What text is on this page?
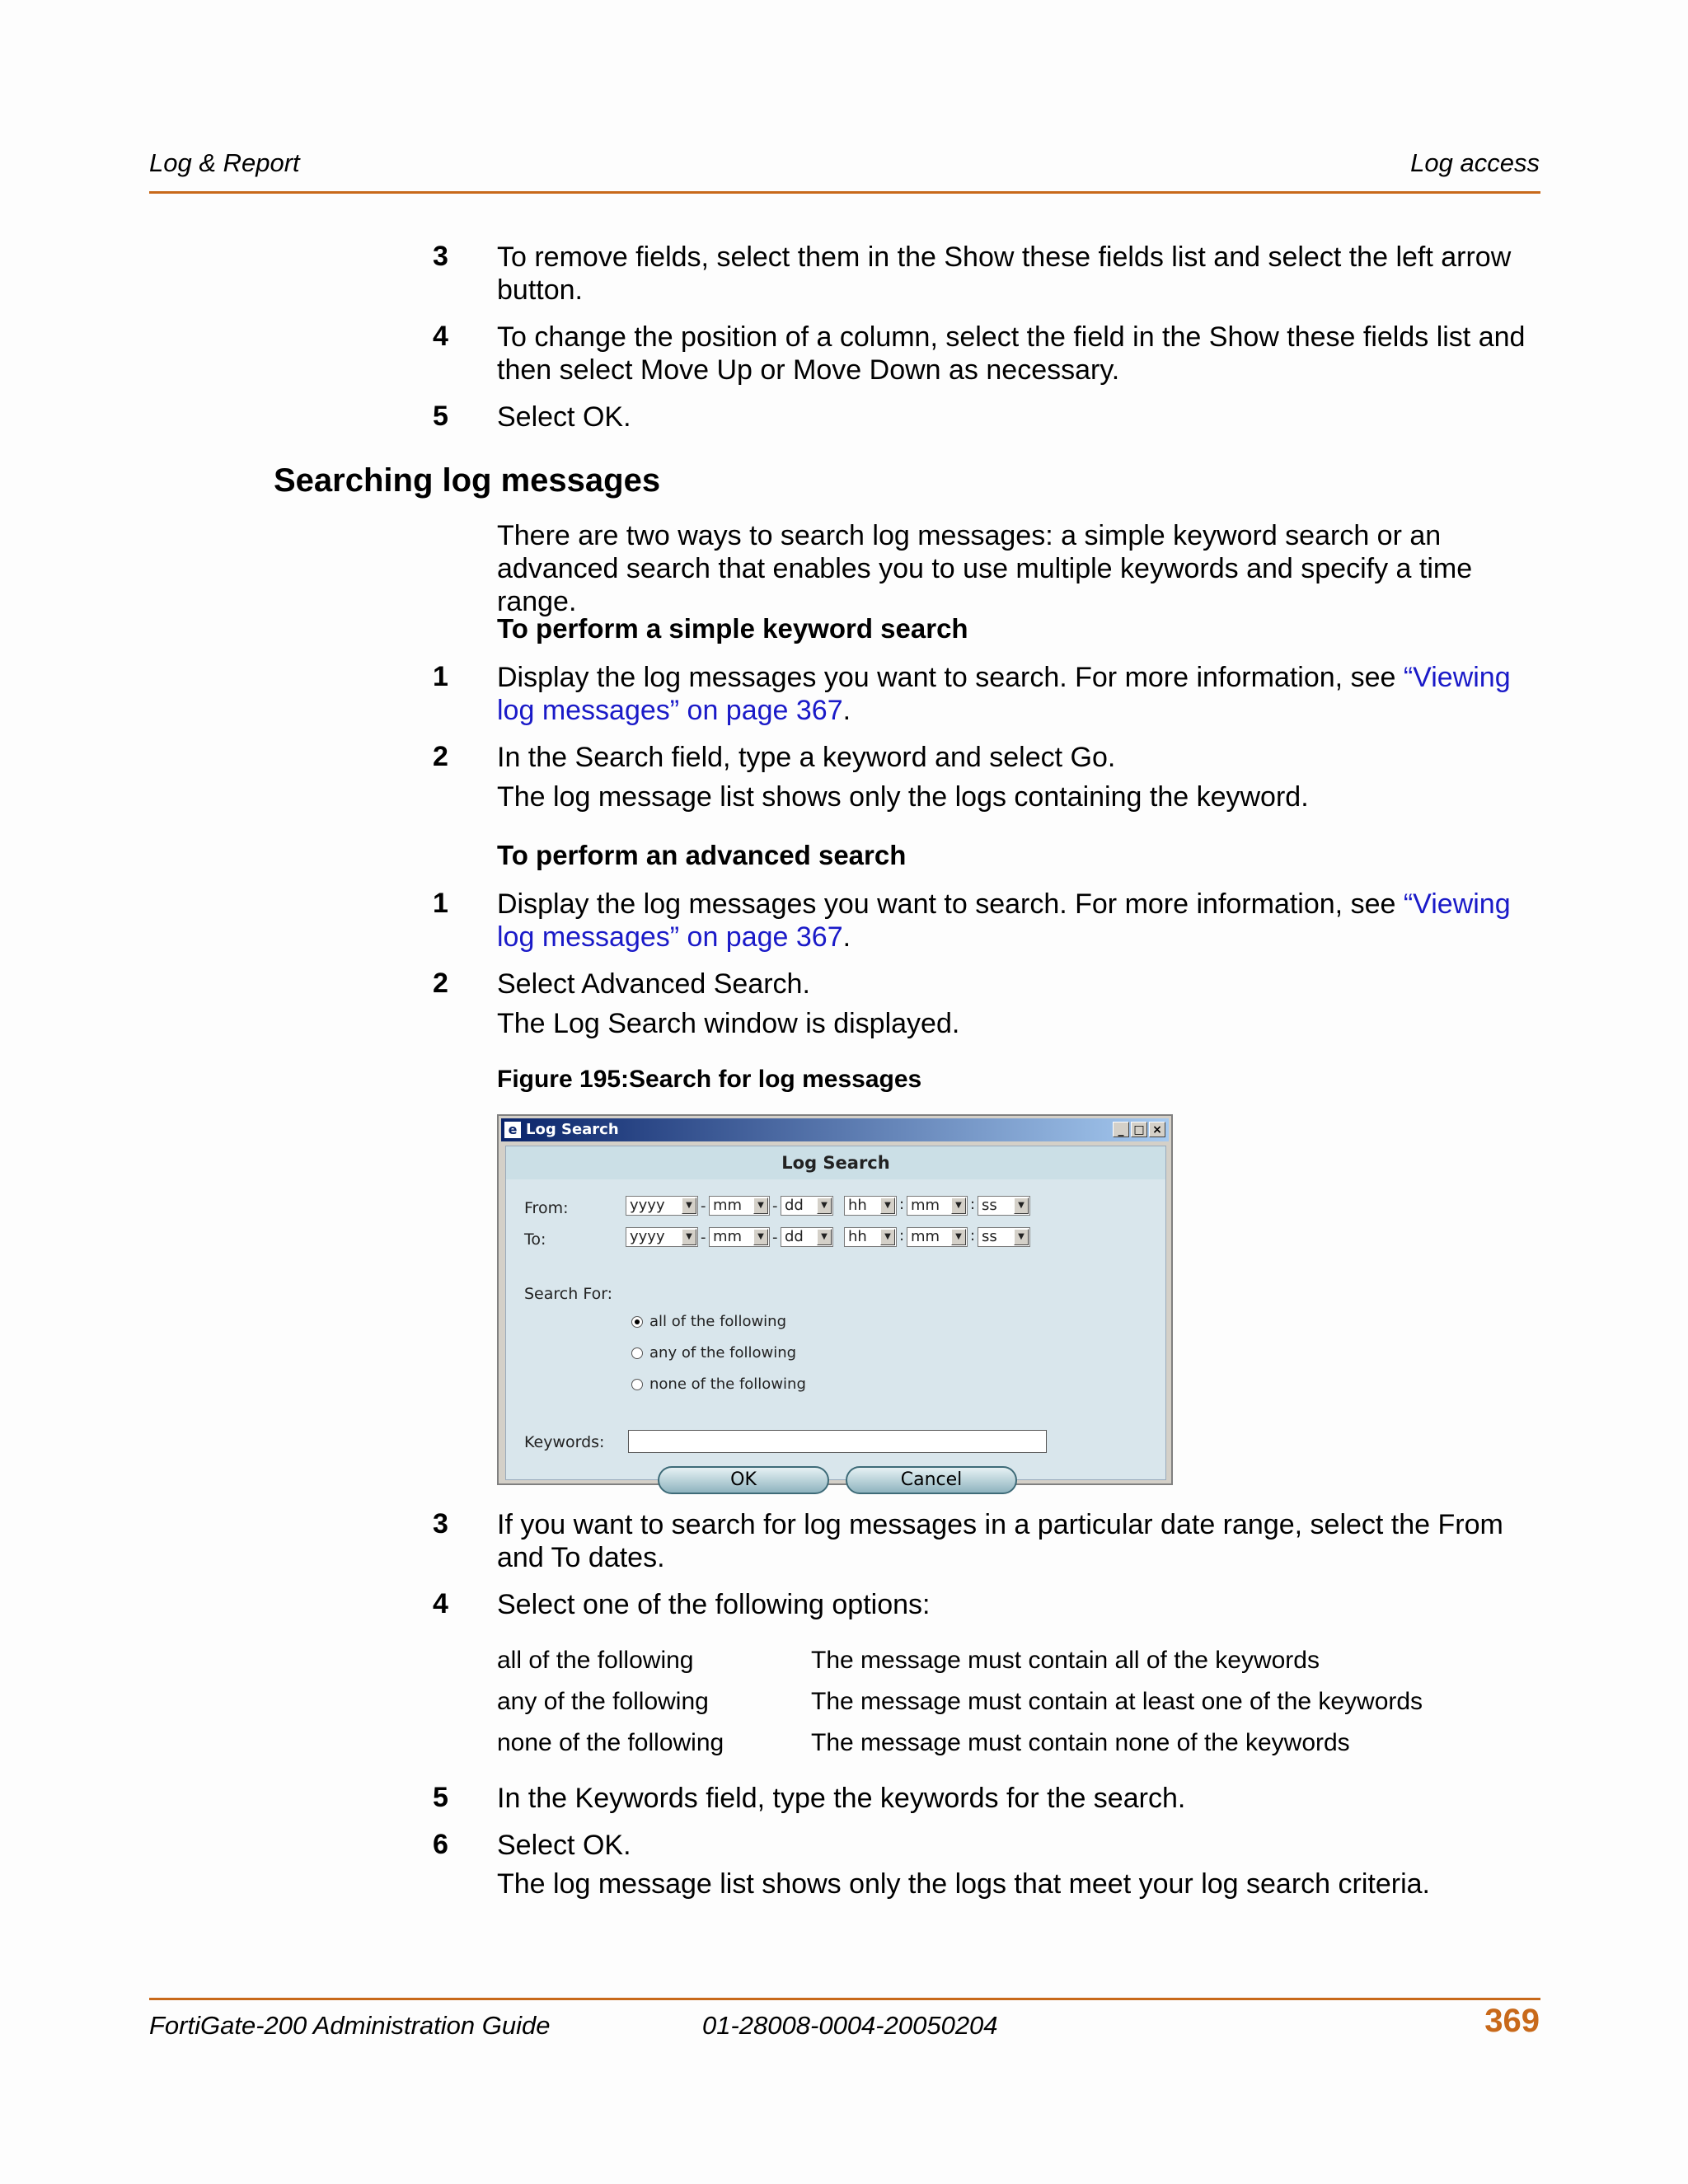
Log & Report	Log access
3	To remove fields, select them in the Show these fields list and select the left arrow button.
4	To change the position of a column, select the field in the Show these fields list and then select Move Up or Move Down as necessary.
5	Select OK.
Searching log messages
There are two ways to search log messages: a simple keyword search or an advanced search that enables you to use multiple keywords and specify a time range.
To perform a simple keyword search
1	Display the log messages you want to search. For more information, see “Viewing log messages” on page 367.
2	In the Search field, type a keyword and select Go.
The log message list shows only the logs containing the keyword.
To perform an advanced search
1	Display the log messages you want to search. For more information, see “Viewing log messages” on page 367.
2	Select Advanced Search.
The Log Search window is displayed.
Figure 195:Search for log messages
e Log Search	_ □ ×
Log Search
From:	yyyy	▼ - mm	▼ - dd	▼ hh	▼ : mm	▼ : ss	▼
To:	yyyy	▼ - mm	▼ - dd	▼ hh	▼ : mm	▼ : ss	▼
Search For:
all of the following
any of the following
none of the following
Keywords:
OK	Cancel
3	If you want to search for log messages in a particular date range, select the From and To dates.
4	Select one of the following options:
all of the following	The message must contain all of the keywords
any of the following	The message must contain at least one of the keywords
none of the following	The message must contain none of the keywords
5	In the Keywords field, type the keywords for the search.
6	Select OK.
The log message list shows only the logs that meet your log search criteria.
FortiGate-200 Administration Guide	01-28008-0004-20050204	369
